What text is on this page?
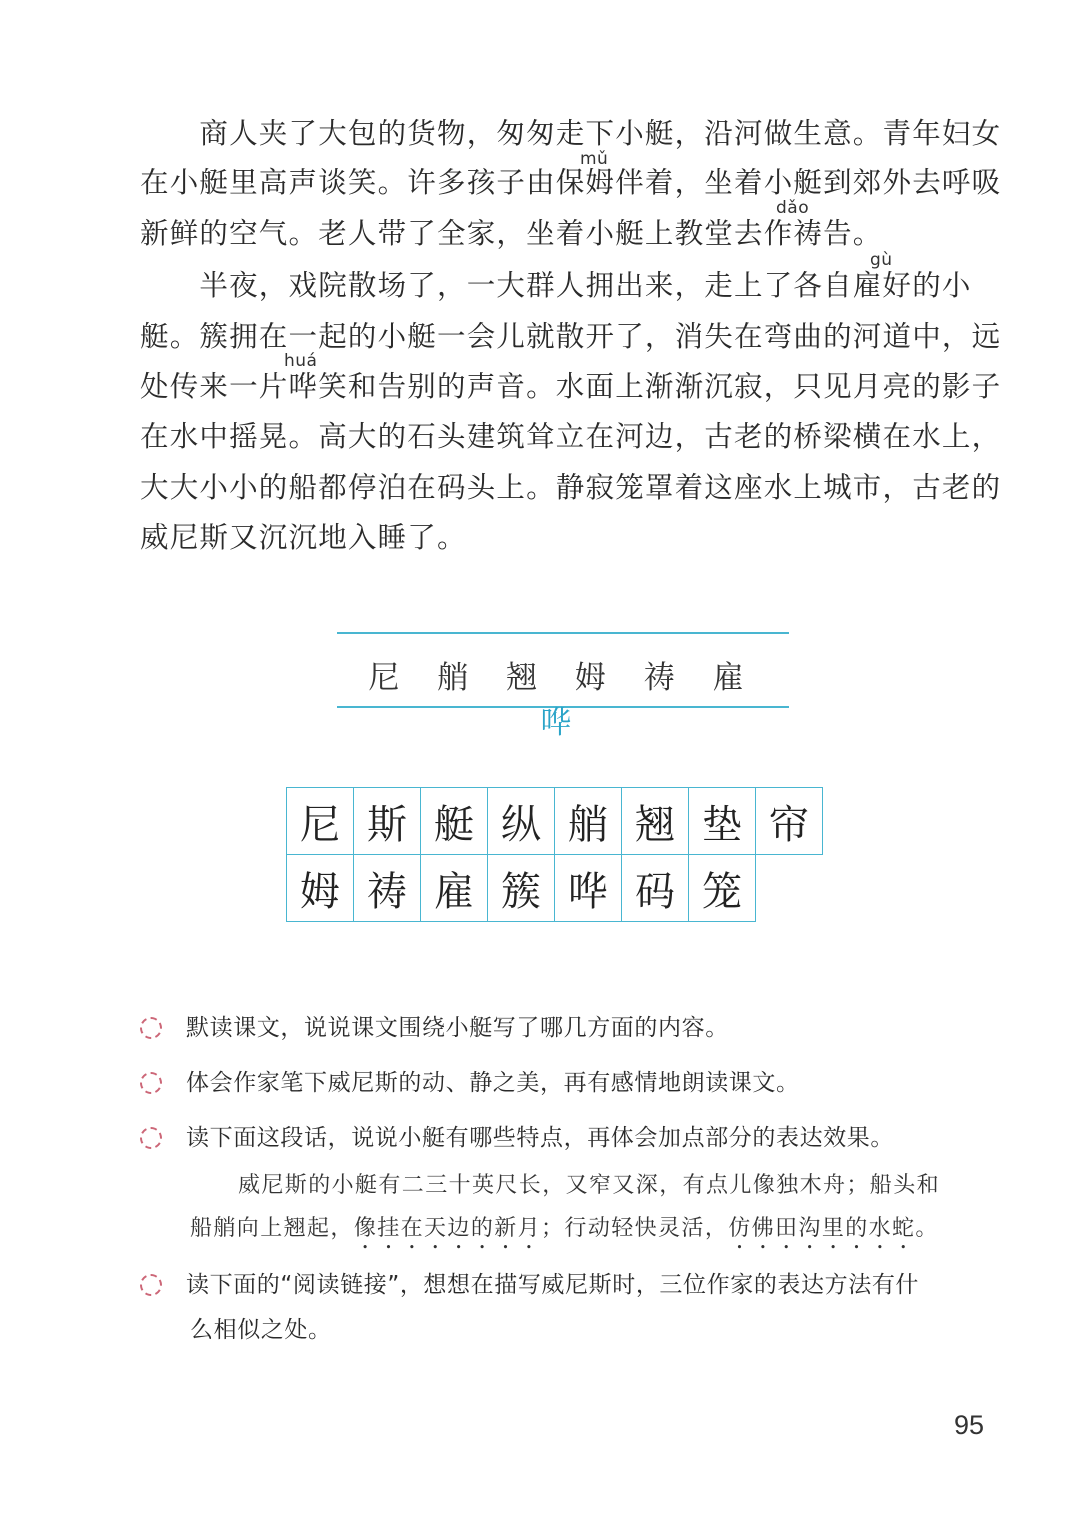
mǔ
dǎo
gù
huá
　　商人夹了大包的货物，匆匆走下小艇，沿河做生意。青年妇女
在小艇里高声谈笑。许多孩子由保姆伴着，坐着小艇到郊外去呼吸
新鲜的空气。老人带了全家，坐着小艇上教堂去作祷告。
　　半夜，戏院散场了，一大群人拥出来，走上了各自雇好的小
艇。簇拥在一起的小艇一会儿就散开了，消失在弯曲的河道中，远
处传来一片哗笑和告别的声音。水面上渐渐沉寂，只见月亮的影子
在水中摇晃。高大的石头建筑耸立在河边，古老的桥梁横在水上，
大大小小的船都停泊在码头上。静寂笼罩着这座水上城市，古老的
威尼斯又沉沉地入睡了。
尼 艄 翘 姆 祷 雇 哗
尼	斯	艇	纵	艄	翘	垫	帘
姆	祷	雇	簇	哗	码	笼	
默读课文，说说课文围绕小艇写了哪几方面的内容。
体会作家笔下威尼斯的动、静之美，再有感情地朗读课文。
读下面这段话，说说小艇有哪些特点，再体会加点部分的表达效果。
威尼斯的小艇有二三十英尺长，又窄又深，有点儿像独木舟；船头和
船艄向上翘起，像挂在天边的新月；行动轻快灵活，仿佛田沟里的水蛇。
读下面的“阅读链接”，想想在描写威尼斯时，三位作家的表达方法有什
么相似之处。
95
